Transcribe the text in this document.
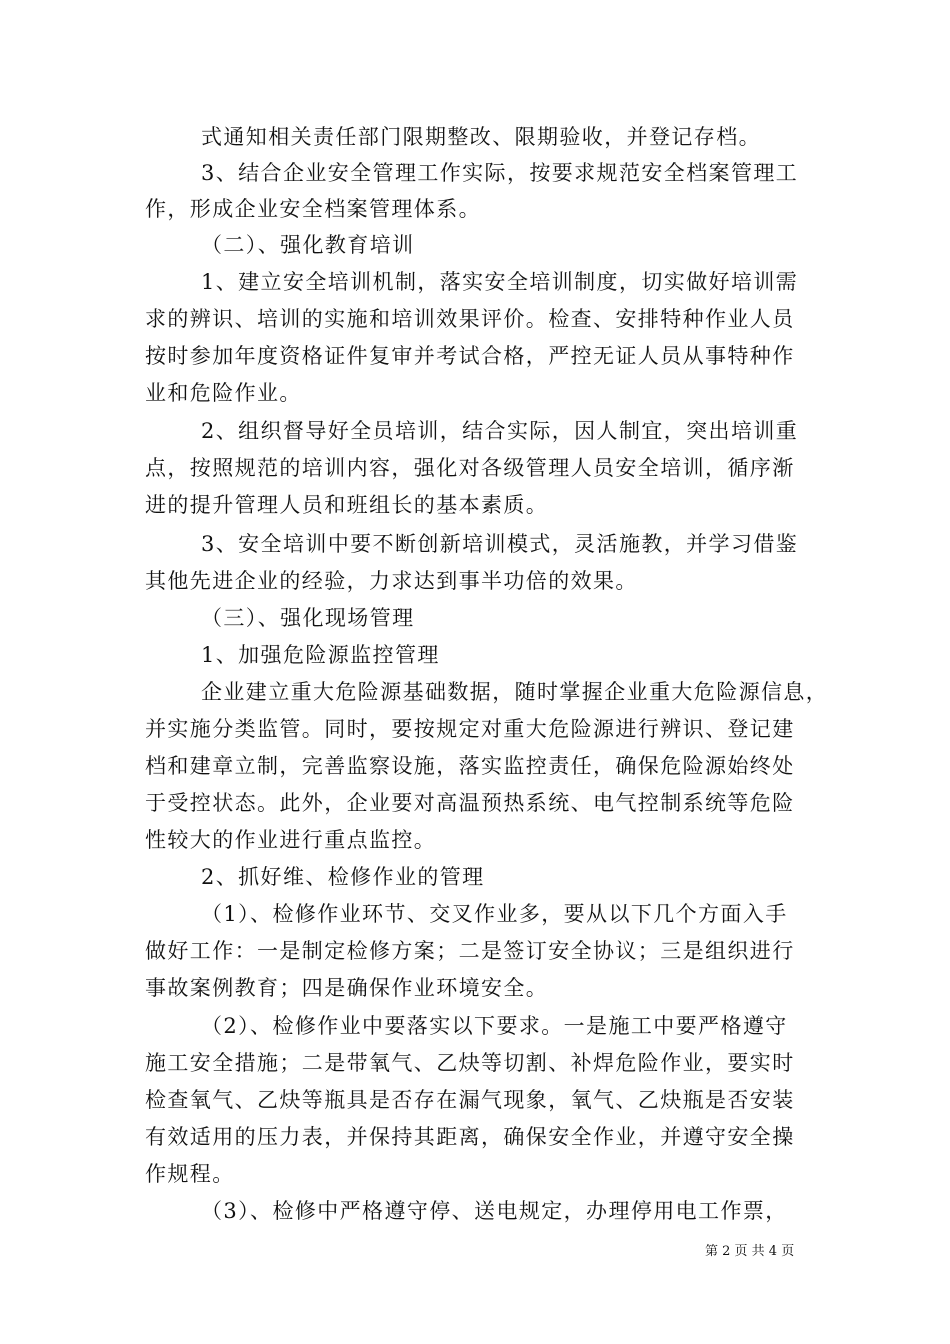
式通知相关责任部门限期整改、限期验收，并登记存档。
3、结合企业安全管理工作实际，按要求规范安全档案管理工
作，形成企业安全档案管理体系。
（二）、强化教育培训
1、建立安全培训机制，落实安全培训制度，切实做好培训需
求的辨识、培训的实施和培训效果评价。检查、安排特种作业人员
按时参加年度资格证件复审并考试合格，严控无证人员从事特种作
业和危险作业。
2、组织督导好全员培训，结合实际，因人制宜，突出培训重
点，按照规范的培训内容，强化对各级管理人员安全培训，循序渐
进的提升管理人员和班组长的基本素质。
3、安全培训中要不断创新培训模式，灵活施教，并学习借鉴
其他先进企业的经验，力求达到事半功倍的效果。
（三）、强化现场管理
1、加强危险源监控管理
企业建立重大危险源基础数据，随时掌握企业重大危险源信息，
并实施分类监管。同时，要按规定对重大危险源进行辨识、登记建
档和建章立制，完善监察设施，落实监控责任，确保危险源始终处
于受控状态。此外，企业要对高温预热系统、电气控制系统等危险
性较大的作业进行重点监控。
2、抓好维、检修作业的管理
（1）、检修作业环节、交叉作业多，要从以下几个方面入手
做好工作：一是制定检修方案；二是签订安全协议；三是组织进行
事故案例教育；四是确保作业环境安全。
（2）、检修作业中要落实以下要求。一是施工中要严格遵守
施工安全措施；二是带氧气、乙炔等切割、补焊危险作业，要实时
检查氧气、乙炔等瓶具是否存在漏气现象，氧气、乙炔瓶是否安装
有效适用的压力表，并保持其距离，确保安全作业，并遵守安全操
作规程。
（3）、检修中严格遵守停、送电规定，办理停用电工作票，
第 2 页 共 4 页
